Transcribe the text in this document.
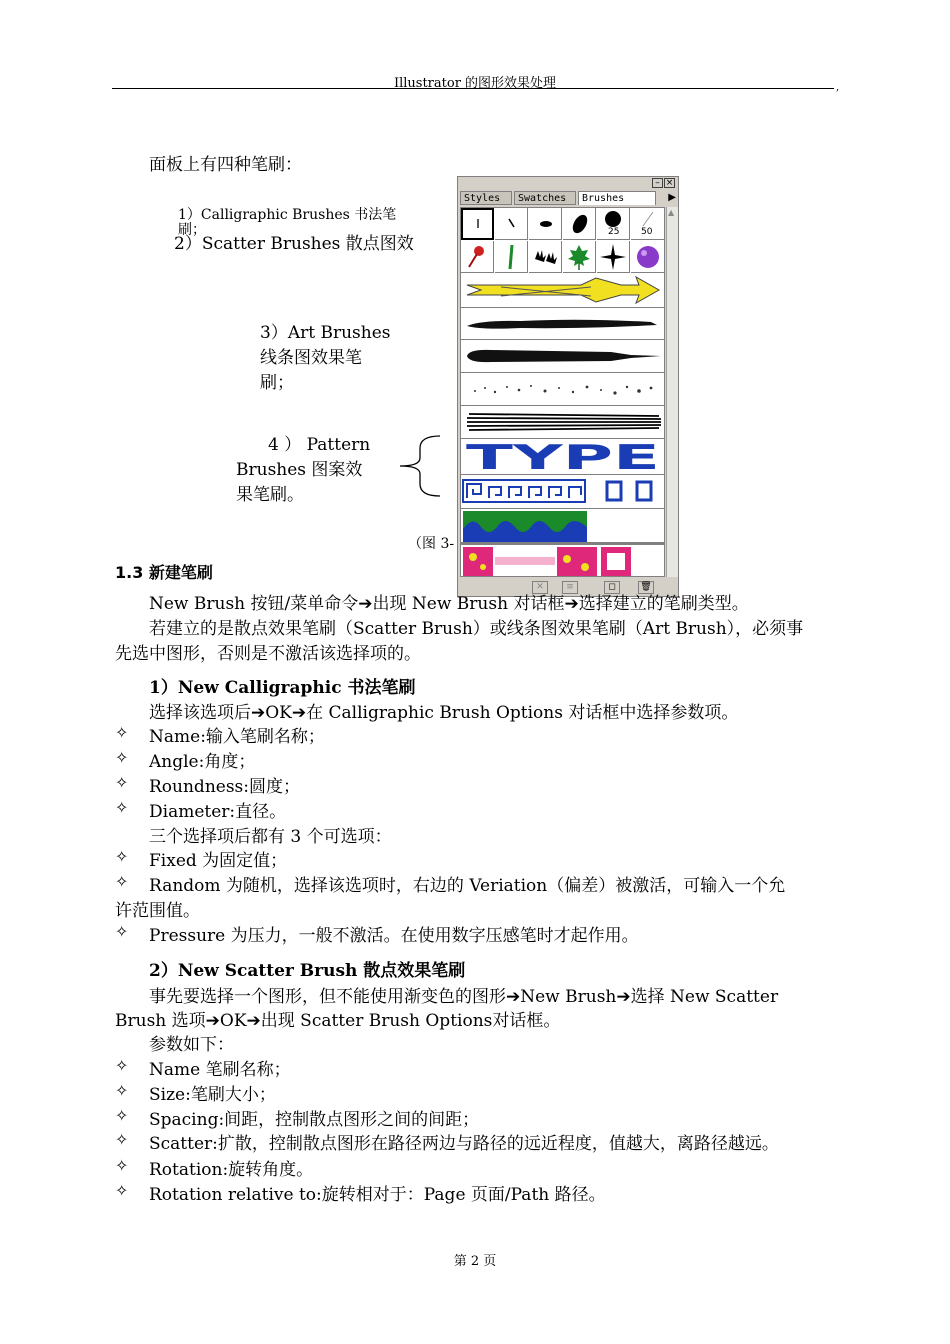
Illustrator 的图形效果处理	,
面板上有四种笔刷：
1）Calligraphic Brushes 书法笔
刷；
2）Scatter Brushes 散点图效
3）Art Brushes
线条图效果笔
刷；
4 ） Pattern
Brushes 图案效
果笔刷。
（图 3-
– ×
Styles	Swatches	Brushes	▶
25 50
TYPE
▲
✕	≡	◻	🗑
1.3 新建笔刷
New Brush 按钮/菜单命令➔出现 New Brush 对话框➔选择建立的笔刷类型。
若建立的是散点效果笔刷（Scatter Brush）或线条图效果笔刷（Art Brush），必须事
先选中图形，否则是不激活该选择项的。
1）New Calligraphic 书法笔刷
选择该选项后➔OK➔在 Calligraphic Brush Options 对话框中选择参数项。
✧ Name:输入笔刷名称；
✧ Angle:角度；
✧ Roundness:圆度；
✧ Diameter:直径。
三个选择项后都有 3 个可选项：
✧ Fixed 为固定值；
✧ Random 为随机，选择该选项时，右边的 Veriation（偏差）被激活，可输入一个允
许范围值。
✧ Pressure 为压力，一般不激活。在使用数字压感笔时才起作用。
2）New Scatter Brush 散点效果笔刷
事先要选择一个图形，但不能使用渐变色的图形➔New Brush➔选择 New Scatter
Brush 选项➔OK➔出现 Scatter Brush Options对话框。
参数如下：
✧ Name 笔刷名称；
✧ Size:笔刷大小；
✧ Spacing:间距，控制散点图形之间的间距；
✧ Scatter:扩散，控制散点图形在路径两边与路径的远近程度，值越大，离路径越远。
✧ Rotation:旋转角度。
✧ Rotation relative to:旋转相对于：Page 页面/Path 路径。
第 2 页
